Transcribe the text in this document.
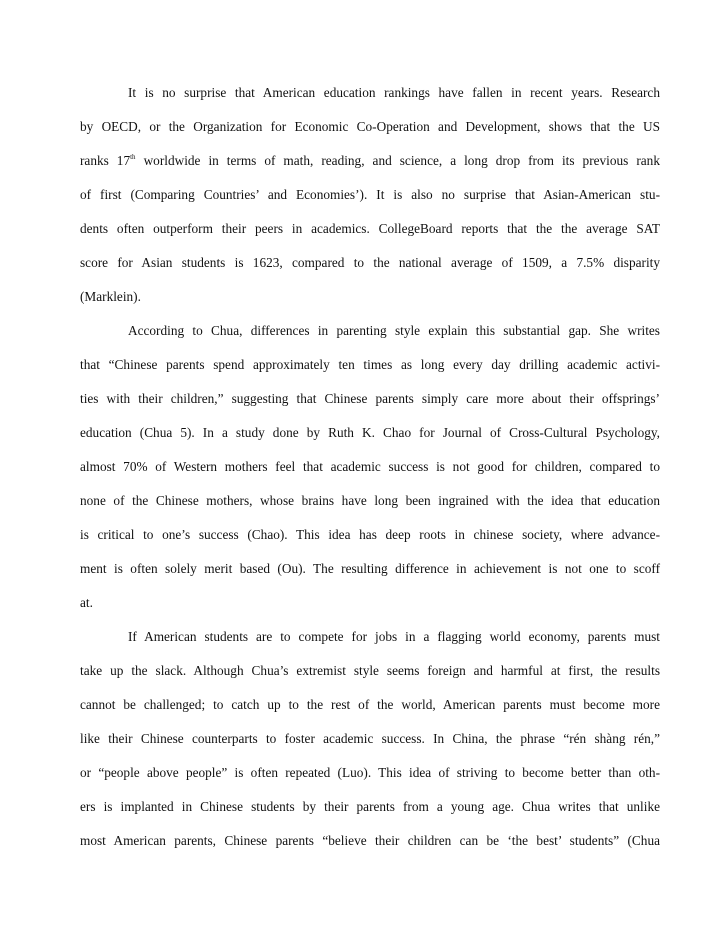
It is no surprise that American education rankings have fallen in recent years. Research
by OECD, or the Organization for Economic Co-Operation and Development, shows that the US
ranks 17th worldwide in terms of math, reading, and science, a long drop from its previous rank
of first (Comparing Countries’ and Economies’). It is also no surprise that Asian-American stu-
dents often outperform their peers in academics. CollegeBoard reports that the the average SAT
score for Asian students is 1623, compared to the national average of 1509, a 7.5% disparity
(Marklein).
According to Chua, differences in parenting style explain this substantial gap. She writes
that “Chinese parents spend approximately ten times as long every day drilling academic activi-
ties with their children,” suggesting that Chinese parents simply care more about their offsprings’
education (Chua 5). In a study done by Ruth K. Chao for Journal of Cross-Cultural Psychology,
almost 70% of Western mothers feel that academic success is not good for children, compared to
none of the Chinese mothers, whose brains have long been ingrained with the idea that education
is critical to one’s success (Chao). This idea has deep roots in chinese society, where advance-
ment is often solely merit based (Ou). The resulting difference in achievement is not one to scoff
at.
If American students are to compete for jobs in a flagging world economy, parents must
take up the slack. Although Chua’s extremist style seems foreign and harmful at first, the results
cannot be challenged; to catch up to the rest of the world, American parents must become more
like their Chinese counterparts to foster academic success. In China, the phrase “rén shàng rén,”
or “people above people” is often repeated (Luo). This idea of striving to become better than oth-
ers is implanted in Chinese students by their parents from a young age. Chua writes that unlike
most American parents, Chinese parents “believe their children can be ‘the best’ students” (Chua
